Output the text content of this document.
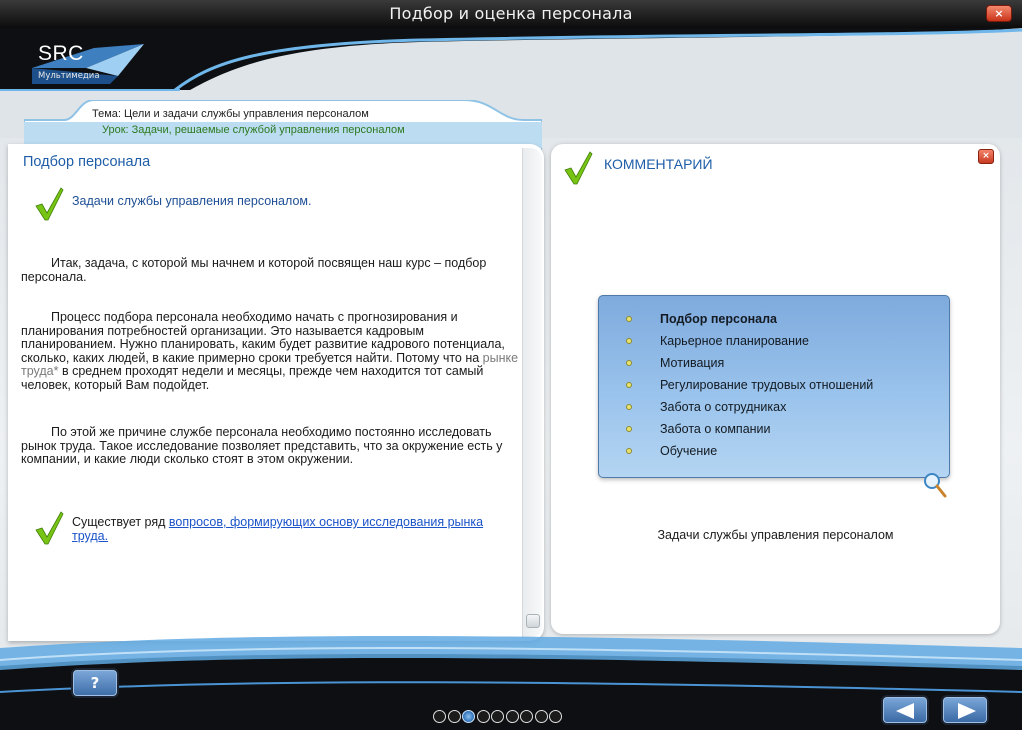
Подбор и оценка персонала	×
SRC
Мультимедиа
Тема: Цели и задачи службы управления персоналом
Урок: Задачи, решаемые службой управления персоналом
Подбор персонала
Задачи службы управления персоналом.

Итак, задача, с которой мы начнем и которой посвящен наш курс – подбор персонала.

Процесс подбора персонала необходимо начать с прогнозирования и планирования потребностей организации. Это называется кадровым планированием. Нужно планировать, каким будет развитие кадрового потенциала, сколько, каких людей, в какие примерно сроки требуется найти. Потому что на рынке труда* в среднем проходят недели и месяцы, прежде чем находится тот самый человек, который Вам подойдет.

По этой же причине службе персонала необходимо постоянно исследовать рынок труда. Такое исследование позволяет представить, что за окружение есть у компании, и какие люди сколько стоят в этом окружении.

Существует ряд вопросов, формирующих основу исследования рынка труда.
КОММЕНТАРИЙ	×
Подбор персонала
Карьерное планирование
Мотивация
Регулирование трудовых отношений
Забота о сотрудниках
Забота о компании
Обучение
Задачи службы управления персоналом
?
